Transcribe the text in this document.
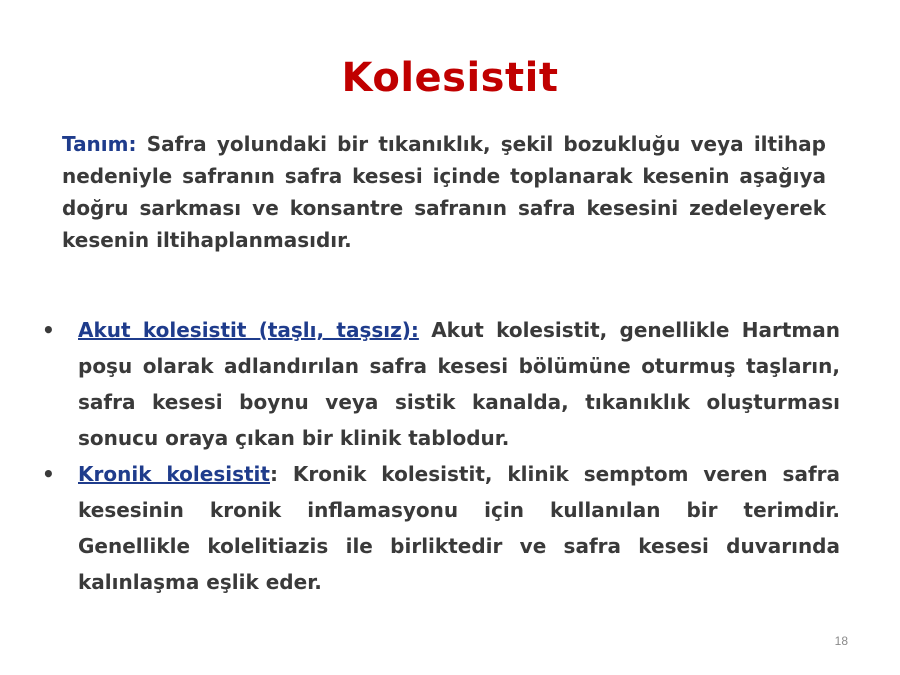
Kolesistit
Tanım: Safra yolundaki bir tıkanıklık, şekil bozukluğu veya iltihap nedeniyle safranın safra kesesi içinde toplanarak kesenin aşağıya doğru sarkması ve konsantre safranın safra kesesini zedeleyerek kesenin iltihaplanmasıdır.
• Akut kolesistit (taşlı, taşsız): Akut kolesistit, genellikle Hartman poşu olarak adlandırılan safra kesesi bölümüne oturmuş taşların, safra kesesi boynu veya sistik kanalda, tıkanıklık oluşturması sonucu oraya çıkan bir klinik tablodur.
• Kronik kolesistit: Kronik kolesistit, klinik semptom veren safra kesesinin kronik inflamasyonu için kullanılan bir terimdir. Genellikle kolelitiazis ile birliktedir ve safra kesesi duvarında kalınlaşma eşlik eder.
18
